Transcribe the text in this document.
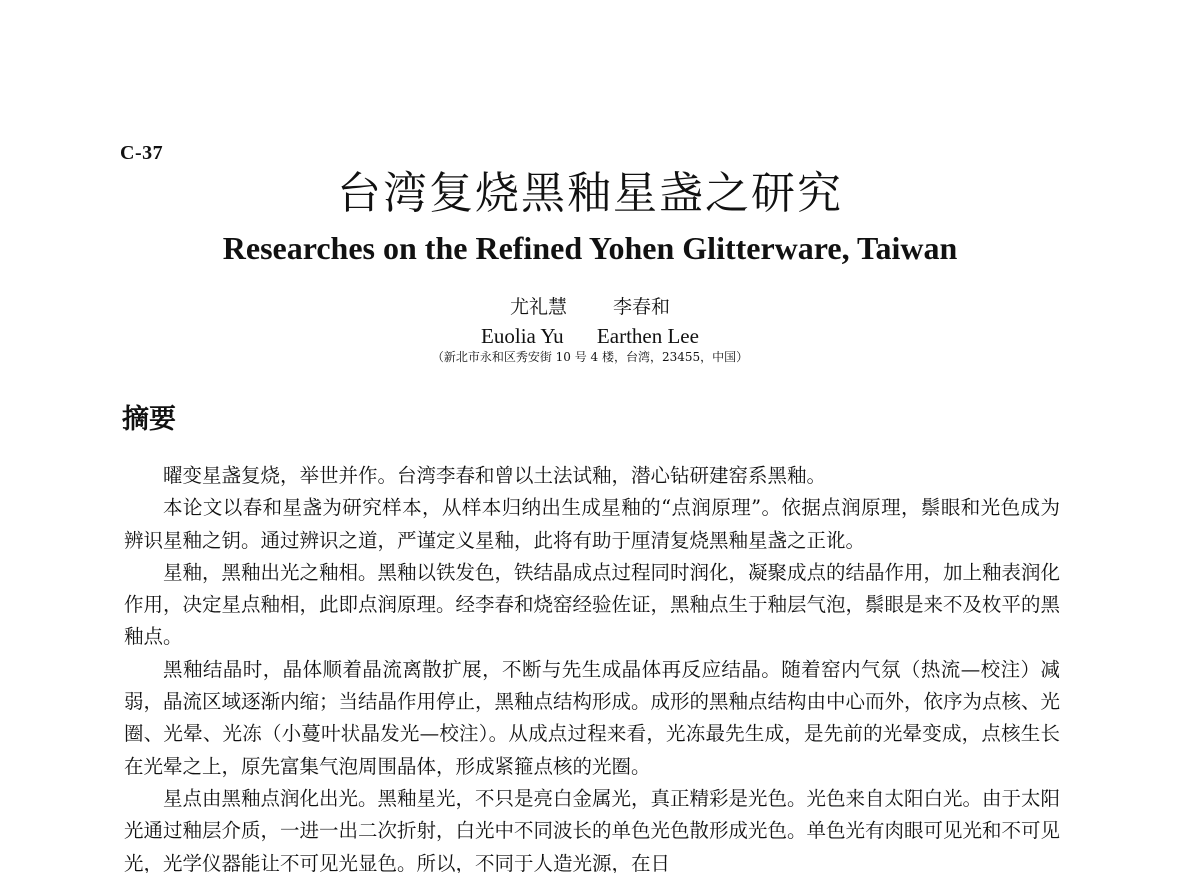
C-37
台湾复烧黑釉星盏之研究
Researches on the Refined Yohen Glitterware, Taiwan
尤礼慧 李春和
Euolia Yu Earthen Lee
（新北市永和区秀安街 10 号 4 楼，台湾，23455，中国）
摘要

曜变星盏复烧，举世并作。台湾李春和曾以土法试釉，潜心钻研建窑系黑釉。

本论文以春和星盏为研究样本，从样本归纳出生成星釉的“点润原理”。依据点润原理，鬃眼和光色成为辨识星釉之钥。通过辨识之道，严谨定义星釉，此将有助于厘清复烧黑釉星盏之正讹。

星釉，黑釉出光之釉相。黑釉以铁发色，铁结晶成点过程同时润化，凝聚成点的结晶作用，加上釉表润化作用，决定星点釉相，此即点润原理。经李春和烧窑经验佐证，黑釉点生于釉层气泡，鬃眼是来不及枚平的黑釉点。

黑釉结晶时，晶体顺着晶流离散扩展，不断与先生成晶体再反应结晶。随着窑内气氛（热流—校注）减弱，晶流区域逐渐内缩；当结晶作用停止，黑釉点结构形成。成形的黑釉点结构由中心而外，依序为点核、光圈、光晕、光冻（小蔓叶状晶发光—校注）。从成点过程来看，光冻最先生成，是先前的光晕变成，点核生长在光晕之上，原先富集气泡周围晶体，形成紧箍点核的光圈。

星点由黑釉点润化出光。黑釉星光，不只是亮白金属光，真正精彩是光色。光色来自太阳白光。由于太阳光通过釉层介质，一进一出二次折射，白光中不同波长的单色光色散形成光色。单色光有肉眼可见光和不可见光，光学仪器能让不可见光显色。所以，不同于人造光源，在日
